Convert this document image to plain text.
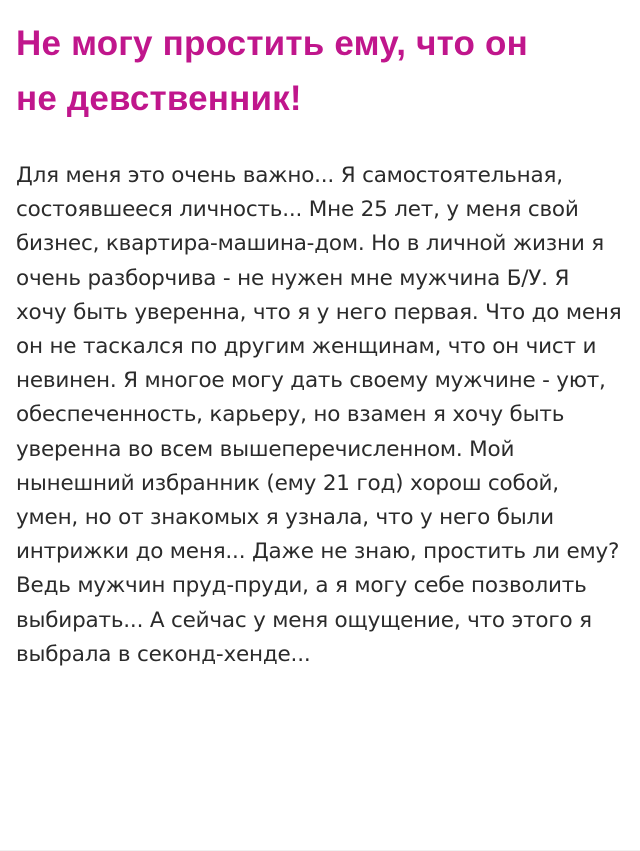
Не могу простить ему, что он
не девственник!

Для меня это очень важно... Я самостоятельная, состоявшееся личность... Мне 25 лет, у меня свой бизнес, квартира-машина-дом. Но в личной жизни я очень разборчива - не нужен мне мужчина Б/У. Я хочу быть уверенна, что я у него первая. Что до меня он не таскался по другим женщинам, что он чист и невинен. Я многое могу дать своему мужчине - уют, обеспеченность, карьеру, но взамен я хочу быть уверенна во всем вышеперечисленном. Мой нынешний избранник (ему 21 год) хорош собой, умен, но от знакомых я узнала, что у него были интрижки до меня... Даже не знаю, простить ли ему? Ведь мужчин пруд-пруди, а я могу себе позволить выбирать... А сейчас у меня ощущение, что этого я выбрала в секонд-хенде...
